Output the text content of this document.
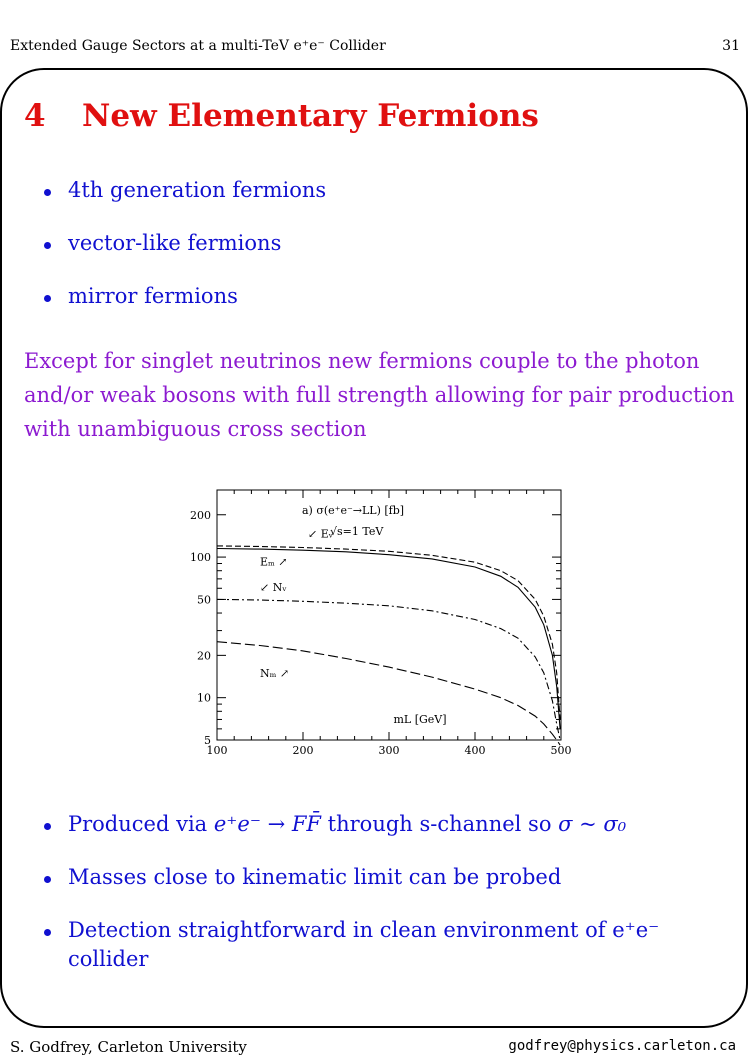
Extended Gauge Sectors at a multi-TeV e⁺e⁻ Collider	31
4 New Elementary Fermions
4th generation fermions
vector-like fermions
mirror fermions
Except for singlet neutrinos new fermions couple to the photon
and/or weak bosons with full strength allowing for pair production
with unambiguous cross section
100	200	300	400	500
5
10
20
50
100
200	a) σ(e⁺e⁻→LL) [fb]
√s=1 TeV
↙ Eᵥ
Eₘ ↗
↙ Nᵥ
Nₘ ↗
mL [GeV]
Produced via e⁺e⁻ → FF̄ through s-channel so σ ~ σ₀
Masses close to kinematic limit can be probed
Detection straightforward in clean environment of e⁺e⁻
collider
S. Godfrey, Carleton University	godfrey@physics.carleton.ca
